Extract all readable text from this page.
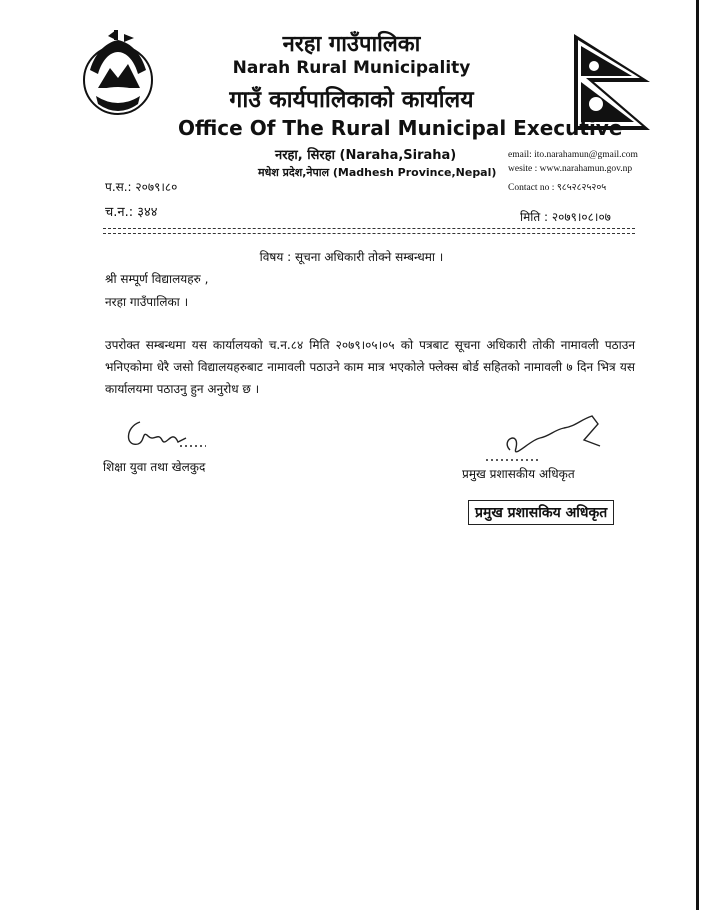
नरहा गाउँपालिका
Narah Rural Municipality
गाउँ कार्यपालिकाको कार्यालय
Office Of The Rural Municipal Executive
नरहा, सिरहा (Naraha,Siraha)
मधेश प्रदेश,नेपाल (Madhesh Province,Nepal)
email: ito.narahamun@gmail.com
wesite : www.narahamun.gov.np
Contact no : ९८५२८२५२०५
प.स.: २०७९।८०
च.न.: ३४४	मिति : २०७९।०८।०७
विषय : सूचना अधिकारी तोक्ने सम्बन्धमा ।
श्री सम्पूर्ण विद्यालयहरु ,
नरहा गाउँपालिका ।
उपरोक्त सम्बन्धमा यस कार्यालयको च.न.८४ मिति २०७९।०५।०५ को पत्रबाट सूचना अधिकारी तोकी नामावली पठाउन भनिएकोमा धेरै जसो विद्यालयहरुबाट नामावली पठाउने काम मात्र भएकोले फ्लेक्स बोर्ड सहितको नामावली ७ दिन भित्र यस कार्यालयमा पठाउनु हुन अनुरोध छ ।
शिक्षा युवा तथा खेलकुद	प्रमुख प्रशासकीय अधिकृत
प्रमुख प्रशासकिय अधिकृत
